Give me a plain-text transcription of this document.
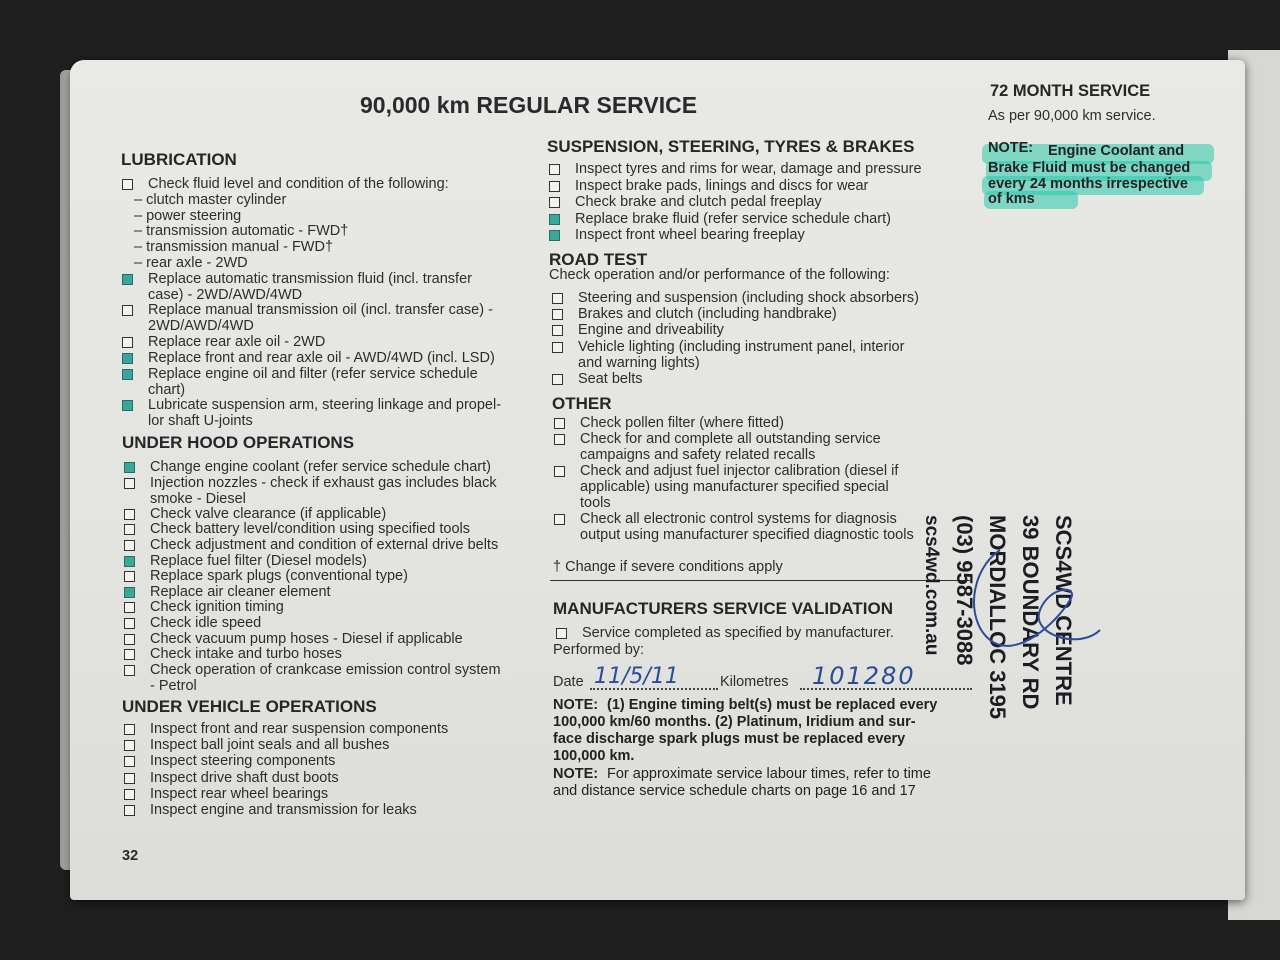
90,000 km REGULAR SERVICE
72 MONTH SERVICE
As per 90,000 km service.
NOTE: Engine Coolant and
Brake Fluid must be changed
every 24 months irrespective
of kms
LUBRICATION
UNDER HOOD OPERATIONS
UNDER VEHICLE OPERATIONS
SUSPENSION, STEERING, TYRES & BRAKES
ROAD TEST
Check operation and/or performance of the following:
OTHER
† Change if severe conditions apply
MANUFACTURERS SERVICE VALIDATION
Service completed as specified by manufacturer.
Performed by:
Date 11/5/11	Kilometres 101280
NOTE: (1) Engine timing belt(s) must be replaced every
100,000 km/60 months. (2) Platinum, Iridium and sur-
face discharge spark plugs must be replaced every
100,000 km.
NOTE: For approximate service labour times, refer to time
and distance service schedule charts on page 16 and 17
32
SCS4WD CENTRE
39 BOUNDARY RD
MORDIALLOC 3195
(03) 9587-3088
scs4wd.com.au
Check fluid level and condition of the following:
– clutch master cylinder
– power steering
– transmission automatic - FWD†
– transmission manual - FWD†
– rear axle - 2WD
Replace automatic transmission fluid (incl. transfer
case) - 2WD/AWD/4WD
Replace manual transmission oil (incl. transfer case) -
2WD/AWD/4WD
Replace rear axle oil - 2WD
Replace front and rear axle oil - AWD/4WD (incl. LSD)
Replace engine oil and filter (refer service schedule
chart)
Lubricate suspension arm, steering linkage and propel-
lor shaft U-joints
Change engine coolant (refer service schedule chart)
Injection nozzles - check if exhaust gas includes black
smoke - Diesel
Check valve clearance (if applicable)
Check battery level/condition using specified tools
Check adjustment and condition of external drive belts
Replace fuel filter (Diesel models)
Replace spark plugs (conventional type)
Replace air cleaner element
Check ignition timing
Check idle speed
Check vacuum pump hoses - Diesel if applicable
Check intake and turbo hoses
Check operation of crankcase emission control system
- Petrol
Inspect front and rear suspension components
Inspect ball joint seals and all bushes
Inspect steering components
Inspect drive shaft dust boots
Inspect rear wheel bearings
Inspect engine and transmission for leaks
Inspect tyres and rims for wear, damage and pressure
Inspect brake pads, linings and discs for wear
Check brake and clutch pedal freeplay
Replace brake fluid (refer service schedule chart)
Inspect front wheel bearing freeplay
Steering and suspension (including shock absorbers)
Brakes and clutch (including handbrake)
Engine and driveability
Vehicle lighting (including instrument panel, interior
and warning lights)
Seat belts
Check pollen filter (where fitted)
Check for and complete all outstanding service
campaigns and safety related recalls
Check and adjust fuel injector calibration (diesel if
applicable) using manufacturer specified special
tools
Check all electronic control systems for diagnosis
output using manufacturer specified diagnostic tools
